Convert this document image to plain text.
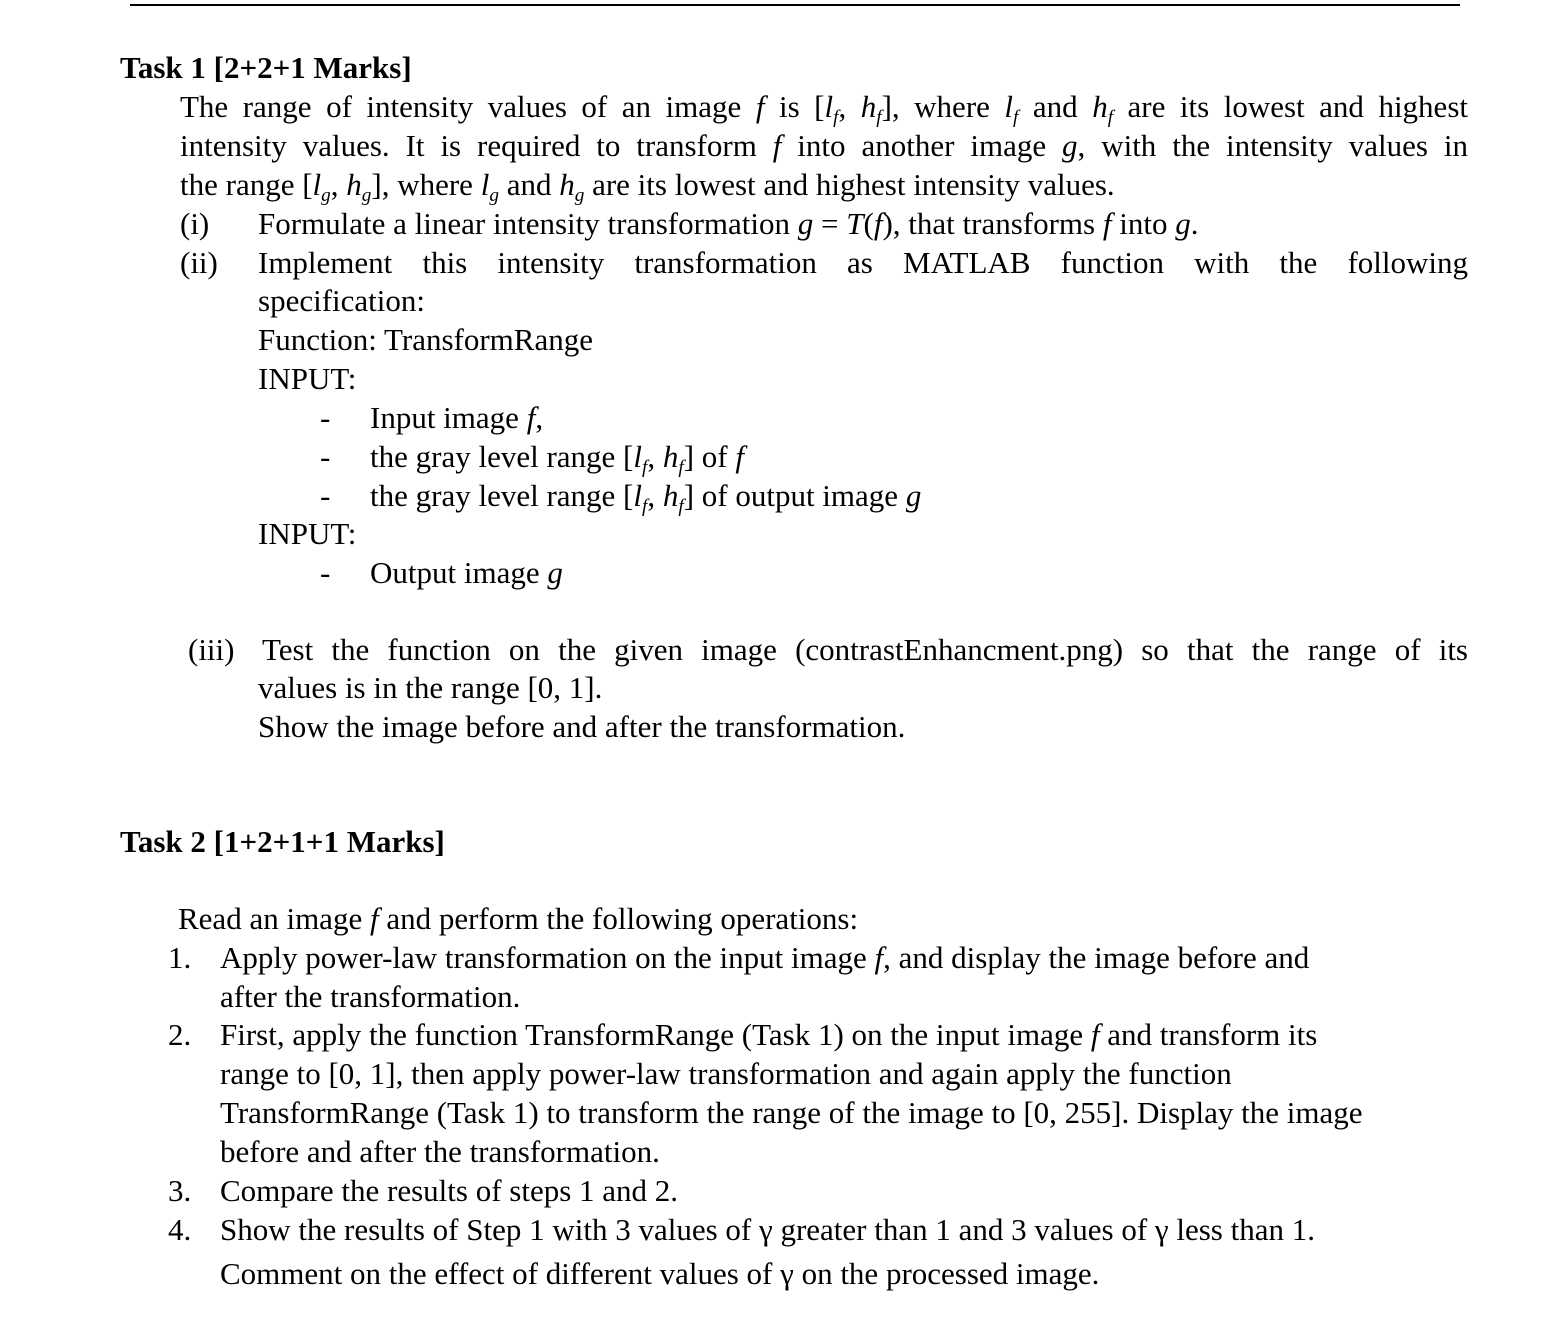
Task 1 [2+2+1 Marks]
The range of intensity values of an image f is [$l_f$, $h_f$], where $l_f$ and $h_f$ are its lowest and highest
intensity values. It is required to transform f into another image g, with the intensity values in
the range [$l_g$, $h_g$], where $l_g$ and $h_g$ are its lowest and highest intensity values.
(i) Formulate a linear intensity transformation g = T(f), that transforms f into g.
(ii) Implement this intensity transformation as MATLAB function with the following
specification:
Function: TransformRange
INPUT:
- Input image f,
- the gray level range [$l_f$, $h_f$] of f
- the gray level range [$l_f$, $h_f$] of output image g
INPUT:
- Output image g
(iii) Test the function on the given image (contrastEnhancment.png) so that the range of its
values is in the range [0, 1].
Show the image before and after the transformation.
Task 2 [1+2+1+1 Marks]
Read an image f and perform the following operations:
1. Apply power-law transformation on the input image f, and display the image before and
after the transformation.
2. First, apply the function TransformRange (Task 1) on the input image f and transform its
range to [0, 1], then apply power-law transformation and again apply the function
TransformRange (Task 1) to transform the range of the image to [0, 255]. Display the image
before and after the transformation.
3. Compare the results of steps 1 and 2.
4. Show the results of Step 1 with 3 values of γ greater than 1 and 3 values of γ less than 1.
Comment on the effect of different values of γ on the processed image.
